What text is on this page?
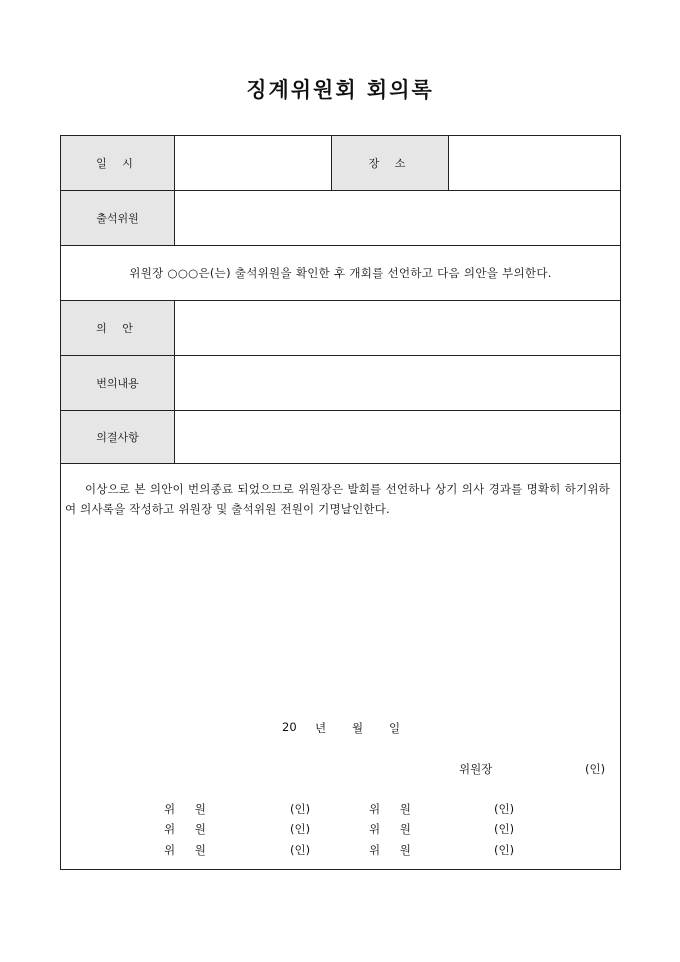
징계위원회 회의록
일 시	장 소
출석위원
위원장 ○○○은(는) 출석위원을 확인한 후 개회를 선언하고 다음 의안을 부의한다.
의 안
번의내용
의결사항
이상으로 본 의안이 번의종료 되었으므로 위원장은 발회를 선언하나 상기 의사 경과를 명확히 하기위하여 의사록을 작성하고 위원장 및 출석위원 전원이 기명날인한다.
20 년 월 일
위원장	(인)
위 원	(인)	위 원	(인)
위 원	(인)	위 원	(인)
위 원	(인)	위 원	(인)
